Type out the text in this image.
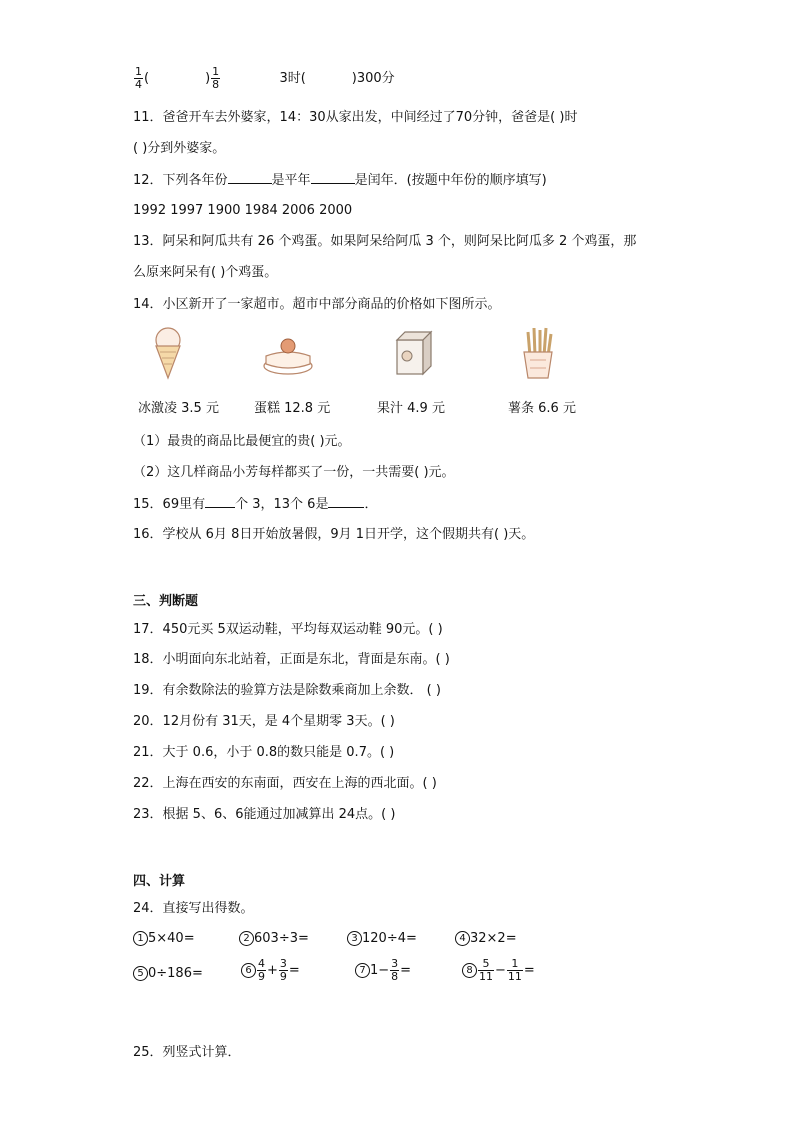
$\frac{1}{4}$ (	) $\frac{1}{8}$	3时(	)300分
11．爸爸开车去外婆家，14：30从家出发，中间经过了70分钟，爸爸是( )时
( )分到外婆家。
12．下列各年份	是平年	是闰年．(按题中年份的顺序填写)
1992 1997 1900 1984 2006 2000
13．阿呆和阿瓜共有 26 个鸡蛋。如果阿呆给阿瓜 3 个，则阿呆比阿瓜多 2 个鸡蛋，那
么原来阿呆有( )个鸡蛋。
14．小区新开了一家超市。超市中部分商品的价格如下图所示。
冰激凌 3.5 元	蛋糕 12.8 元	果汁 4.9 元	薯条 6.6 元
（1）最贵的商品比最便宜的贵( )元。
（2）这几样商品小芳每样都买了一份，一共需要( )元。
15．69里有 个 3，13个 6是	．
16．学校从 6月 8日开始放暑假，9月 1日开学，这个假期共有( )天。
三、判断题
17．450元买 5双运动鞋，平均每双运动鞋 90元。( )
18．小明面向东北站着，正面是东北，背面是东南。( )
19．有余数除法的验算方法是除数乘商加上余数． ( )
20．12月份有 31天，是 4个星期零 3天。( )
21．大于 0.6，小于 0.8的数只能是 0.7。( )
22．上海在西安的东南面，西安在上海的西北面。( )
23．根据 5、6、6能通过加减算出 24点。( )
四、计算
24．直接写出得数。
1 5×40=	2 603÷3=	3 120÷4=	4 32×2=
5 0÷186=	$6 \frac{4}{9} + \frac{3}{9}$ =	7 $1- \frac{3}{8}$ =	$8 \frac{5}{11} - \frac{1}{11}$ =
25．列竖式计算．
